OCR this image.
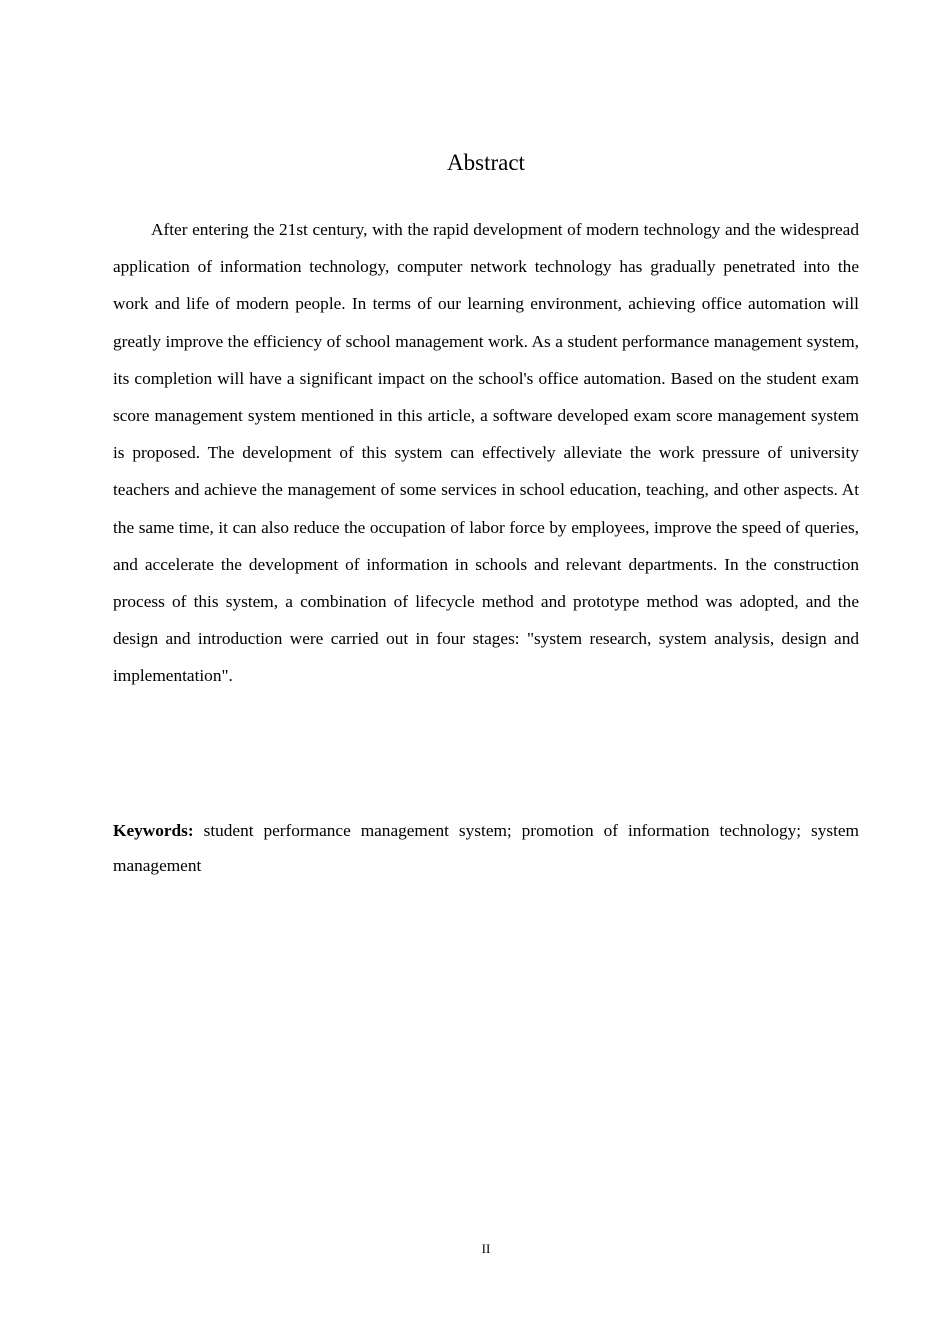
Abstract

After entering the 21st century, with the rapid development of modern technology and the widespread application of information technology, computer network technology has gradually penetrated into the work and life of modern people. In terms of our learning environment, achieving office automation will greatly improve the efficiency of school management work. As a student performance management system, its completion will have a significant impact on the school's office automation. Based on the student exam score management system mentioned in this article, a software developed exam score management system is proposed. The development of this system can effectively alleviate the work pressure of university teachers and achieve the management of some services in school education, teaching, and other aspects. At the same time, it can also reduce the occupation of labor force by employees, improve the speed of queries, and accelerate the development of information in schools and relevant departments. In the construction process of this system, a combination of lifecycle method and prototype method was adopted, and the design and introduction were carried out in four stages: "system research, system analysis, design and implementation".

Keywords: student performance management system; promotion of information technology; system management

II
